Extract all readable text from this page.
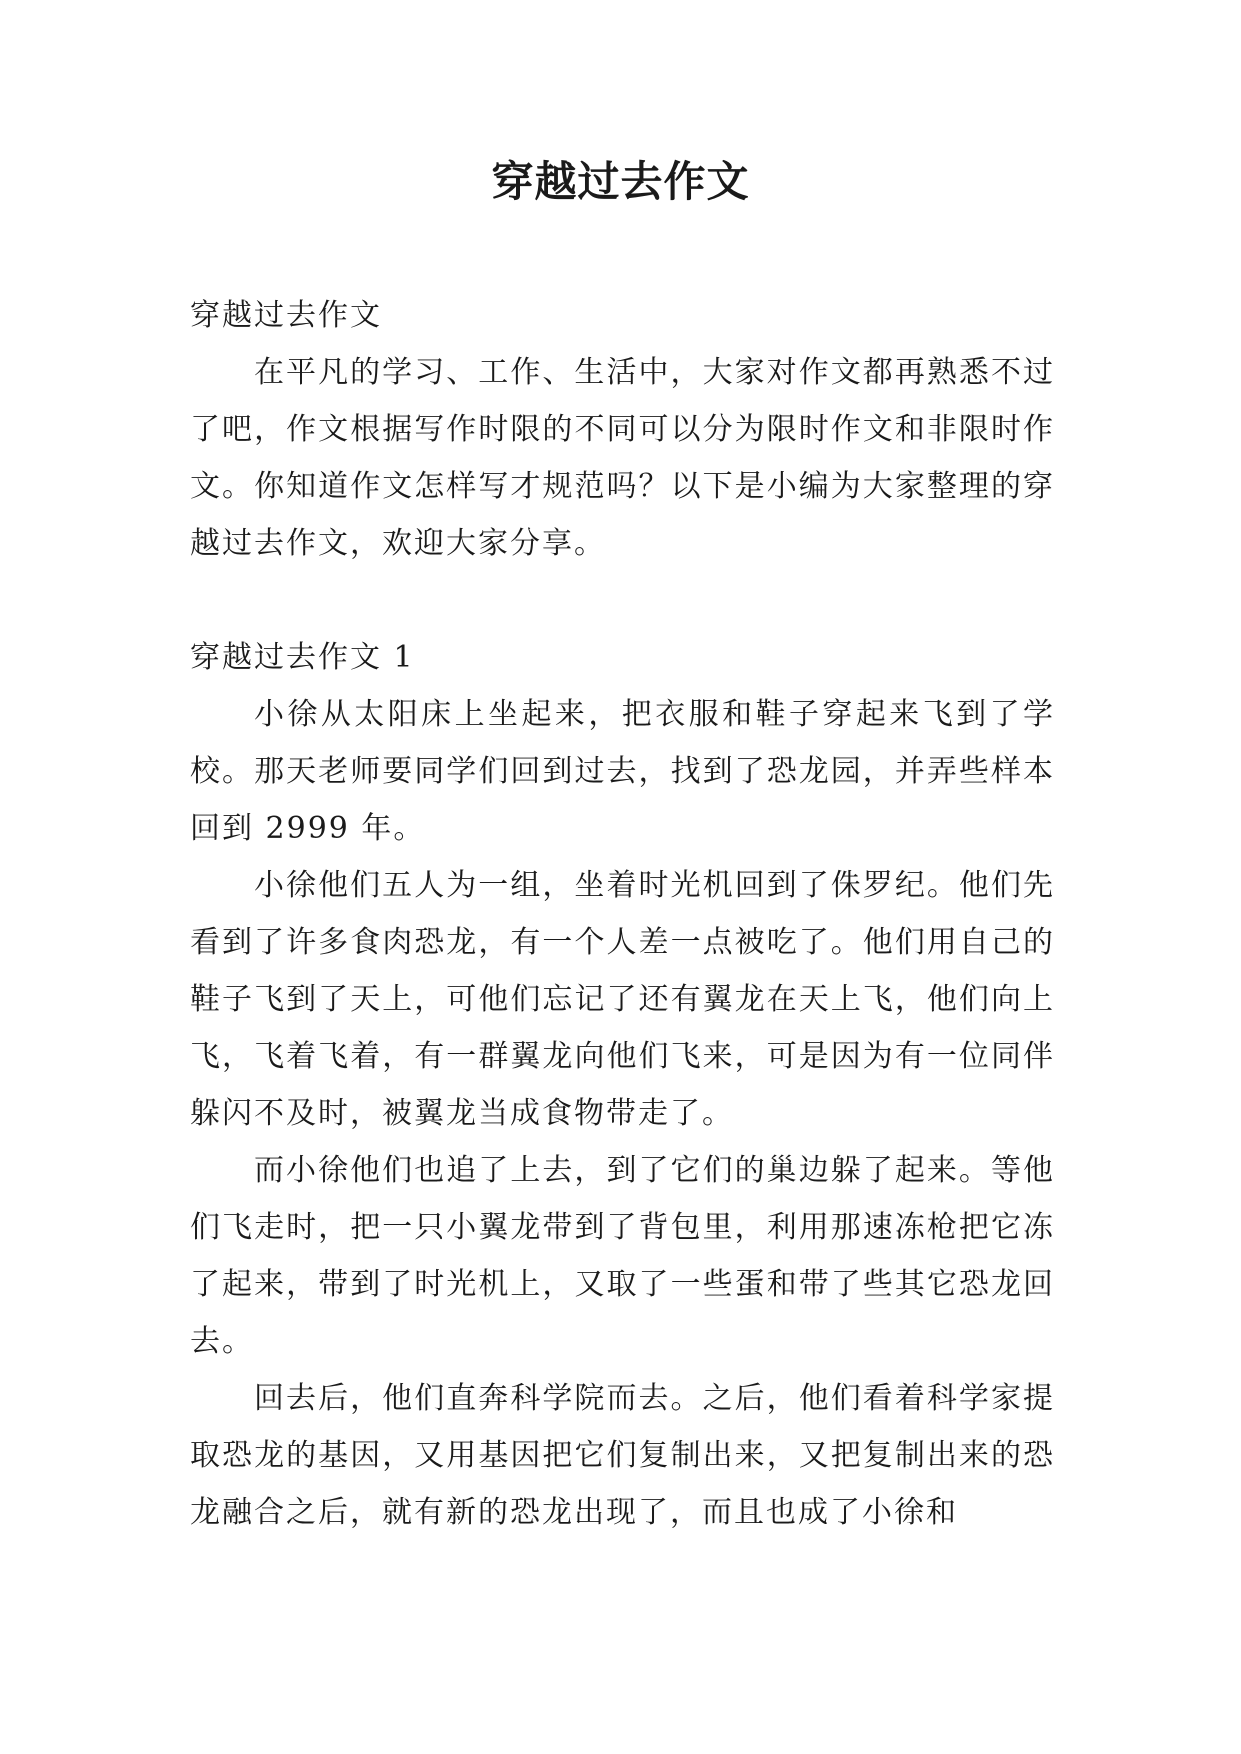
穿越过去作文

穿越过去作文

在平凡的学习、工作、生活中，大家对作文都再熟悉不过了吧，作文根据写作时限的不同可以分为限时作文和非限时作文。你知道作文怎样写才规范吗？以下是小编为大家整理的穿越过去作文，欢迎大家分享。

穿越过去作文 1

小徐从太阳床上坐起来，把衣服和鞋子穿起来飞到了学校。那天老师要同学们回到过去，找到了恐龙园，并弄些样本回到 2999 年。

小徐他们五人为一组，坐着时光机回到了侏罗纪。他们先看到了许多食肉恐龙，有一个人差一点被吃了。他们用自己的鞋子飞到了天上，可他们忘记了还有翼龙在天上飞，他们向上飞，飞着飞着，有一群翼龙向他们飞来，可是因为有一位同伴躲闪不及时，被翼龙当成食物带走了。

而小徐他们也追了上去，到了它们的巢边躲了起来。等他们飞走时，把一只小翼龙带到了背包里，利用那速冻枪把它冻了起来，带到了时光机上，又取了一些蛋和带了些其它恐龙回去。

回去后，他们直奔科学院而去。之后，他们看着科学家提取恐龙的基因，又用基因把它们复制出来，又把复制出来的恐龙融合之后，就有新的恐龙出现了，而且也成了小徐和
